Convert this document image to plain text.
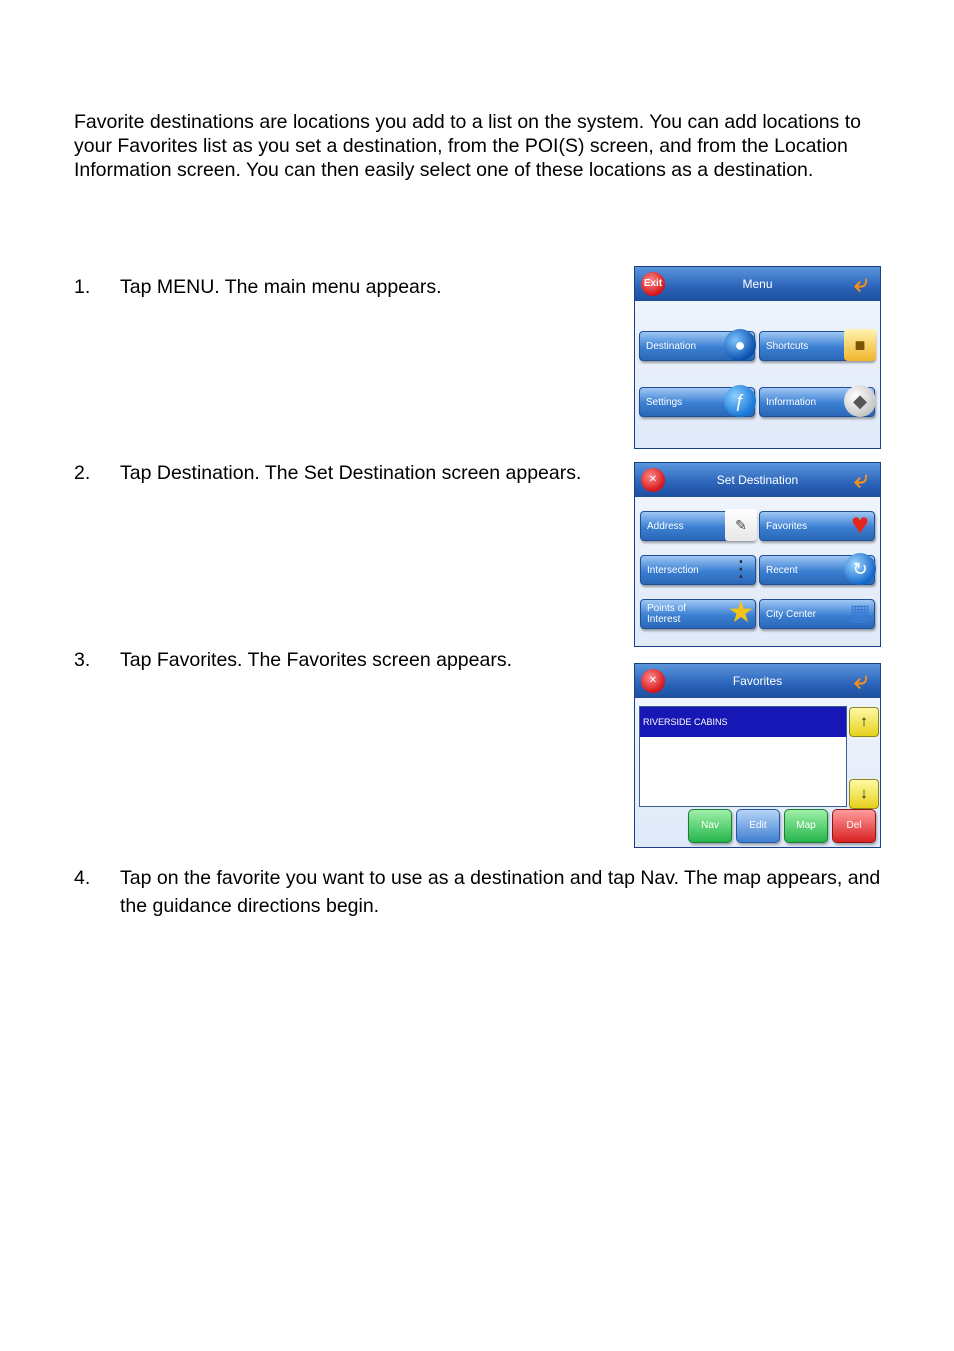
Favorite destinations are locations you add to a list on the system. You can add locations to your Favorites list as you set a destination, from the POI(S) screen, and from the Location Information screen. You can then easily select one of these locations as a destination.

1. Tap MENU. The main menu appears.
2. Tap Destination. The Set Destination screen appears.
3. Tap Favorites. The Favorites screen appears.
4. Tap on the favorite you want to use as a destination and tap Nav. The map appears, and the guidance directions begin.
Exit	Menu	⤶
Destination	●	Shortcuts	■
Settings	ƒ	Information	◆
✕	Set Destination	⤶
Address	✎	Favorites ♥
Intersection ⋮	Recent	↻
Points of Interest ★	City Center ▦
✕	Favorites	⤶
RIVERSIDE CABINS	↑
↓
Nav	Edit	Map	Del
